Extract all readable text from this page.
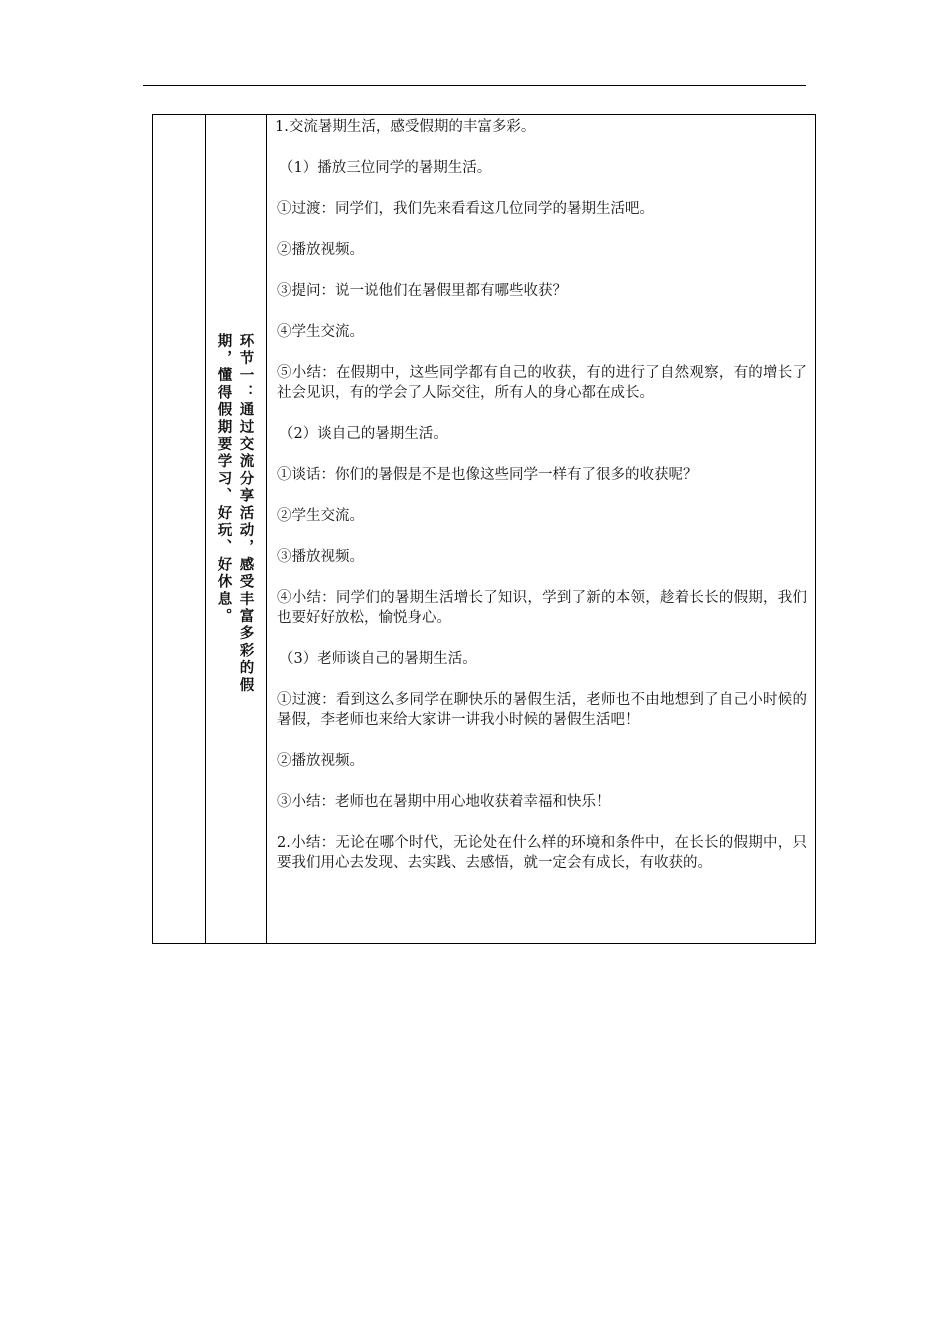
环节一：通过交流分享活动，感受丰富多彩的假期，懂得假期要学习、好玩、好休息。

1.交流暑期生活，感受假期的丰富多彩。

（1）播放三位同学的暑期生活。

①过渡：同学们，我们先来看看这几位同学的暑期生活吧。

②播放视频。

③提问：说一说他们在暑假里都有哪些收获？

④学生交流。

⑤小结：在假期中，这些同学都有自己的收获，有的进行了自然观察，有的增长了社会见识，有的学会了人际交往，所有人的身心都在成长。

（2）谈自己的暑期生活。

①谈话：你们的暑假是不是也像这些同学一样有了很多的收获呢？

②学生交流。

③播放视频。

④小结：同学们的暑期生活增长了知识，学到了新的本领，趁着长长的假期，我们也要好好放松，愉悦身心。

（3）老师谈自己的暑期生活。

①过渡：看到这么多同学在聊快乐的暑假生活，老师也不由地想到了自己小时候的暑假，李老师也来给大家讲一讲我小时候的暑假生活吧！

②播放视频。

③小结：老师也在暑期中用心地收获着幸福和快乐！

2.小结：无论在哪个时代，无论处在什么样的环境和条件中，在长长的假期中，只要我们用心去发现、去实践、去感悟，就一定会有成长，有收获的。
